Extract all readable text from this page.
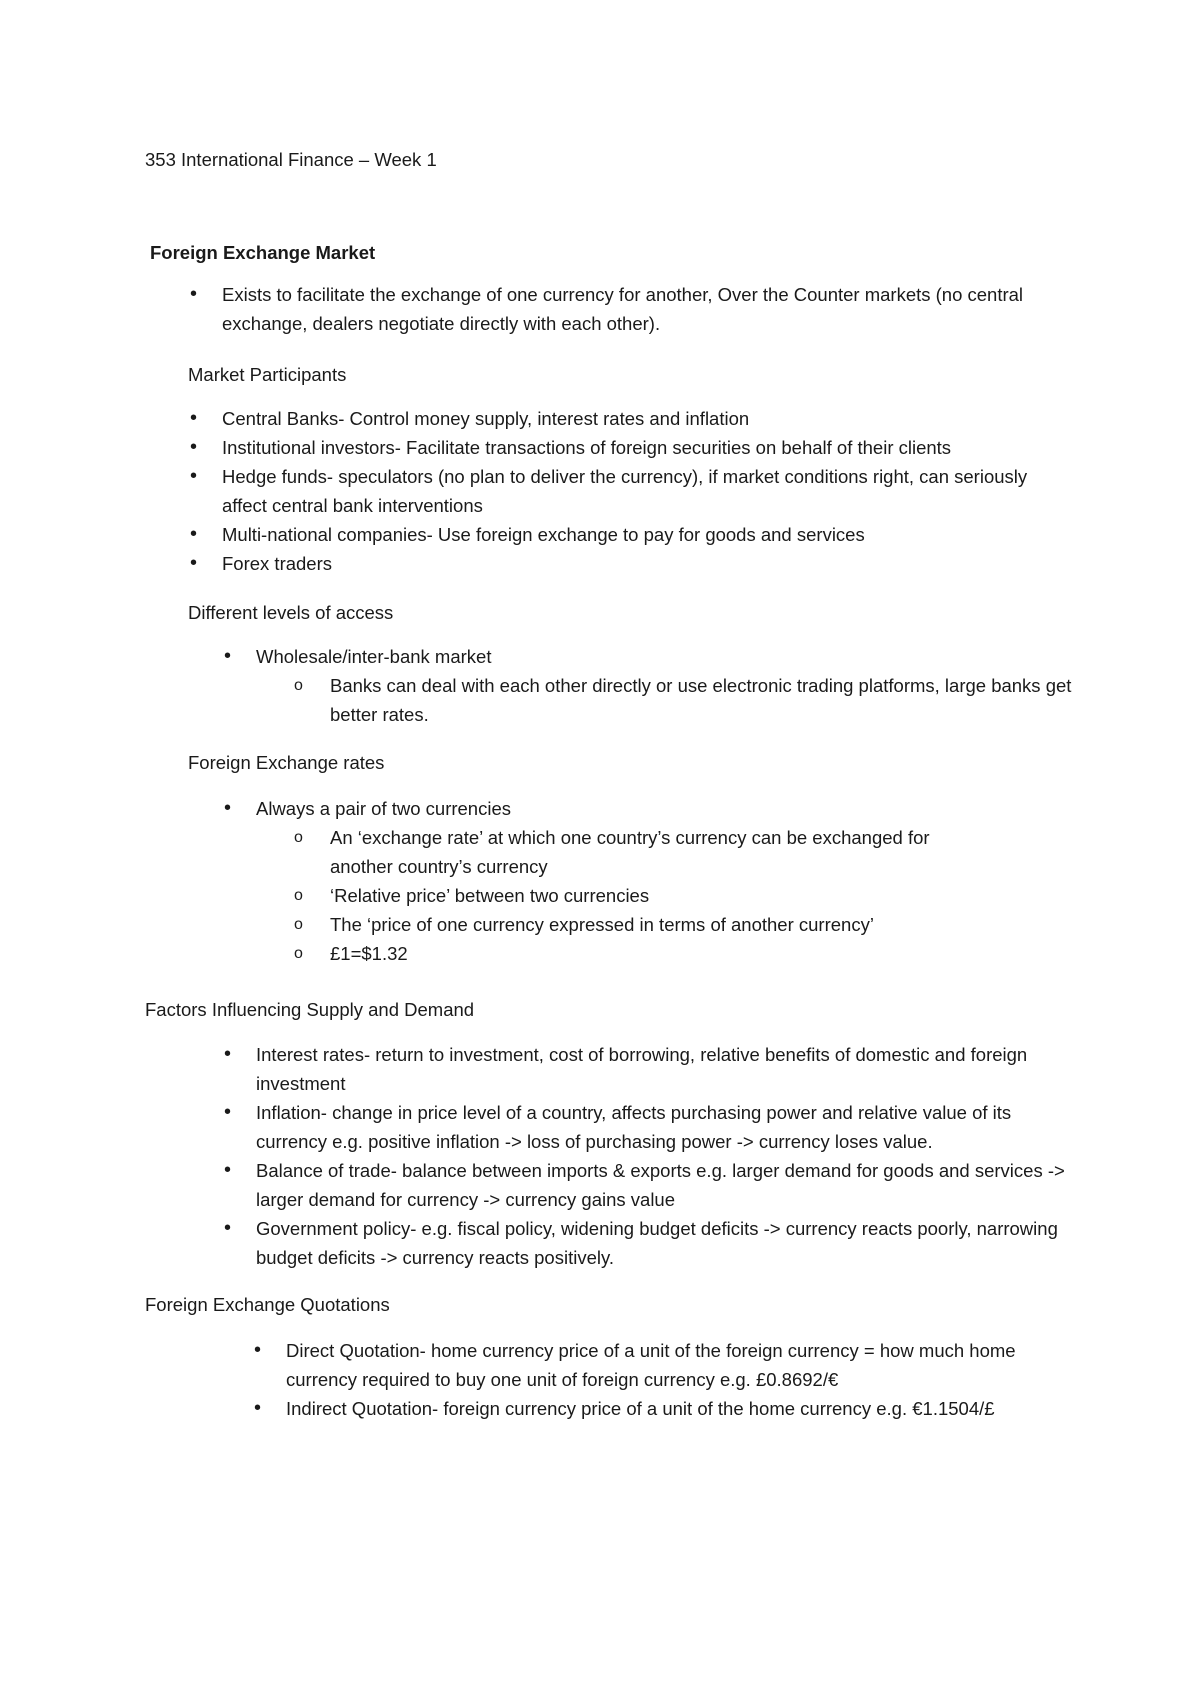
353 International Finance – Week 1
Foreign Exchange Market
• Exists to facilitate the exchange of one currency for another, Over the Counter markets (no central exchange, dealers negotiate directly with each other).
Market Participants
• Central Banks- Control money supply, interest rates and inflation
• Institutional investors- Facilitate transactions of foreign securities on behalf of their clients
• Hedge funds- speculators (no plan to deliver the currency), if market conditions right, can seriously affect central bank interventions
• Multi-national companies- Use foreign exchange to pay for goods and services
• Forex traders
Different levels of access
• Wholesale/inter-bank market
o Banks can deal with each other directly or use electronic trading platforms, large banks get better rates.
Foreign Exchange rates
• Always a pair of two currencies
o An ‘exchange rate’ at which one country’s currency can be exchanged for another country’s currency
o ‘Relative price’ between two currencies
o The ‘price of one currency expressed in terms of another currency’
o £1=$1.32
Factors Influencing Supply and Demand
• Interest rates- return to investment, cost of borrowing, relative benefits of domestic and foreign investment
• Inflation- change in price level of a country, affects purchasing power and relative value of its currency e.g. positive inflation -> loss of purchasing power -> currency loses value.
• Balance of trade- balance between imports & exports e.g. larger demand for goods and services -> larger demand for currency -> currency gains value
• Government policy- e.g. fiscal policy, widening budget deficits -> currency reacts poorly, narrowing budget deficits -> currency reacts positively.
Foreign Exchange Quotations
• Direct Quotation- home currency price of a unit of the foreign currency = how much home currency required to buy one unit of foreign currency e.g. £0.8692/€
• Indirect Quotation- foreign currency price of a unit of the home currency e.g. €1.1504/£
